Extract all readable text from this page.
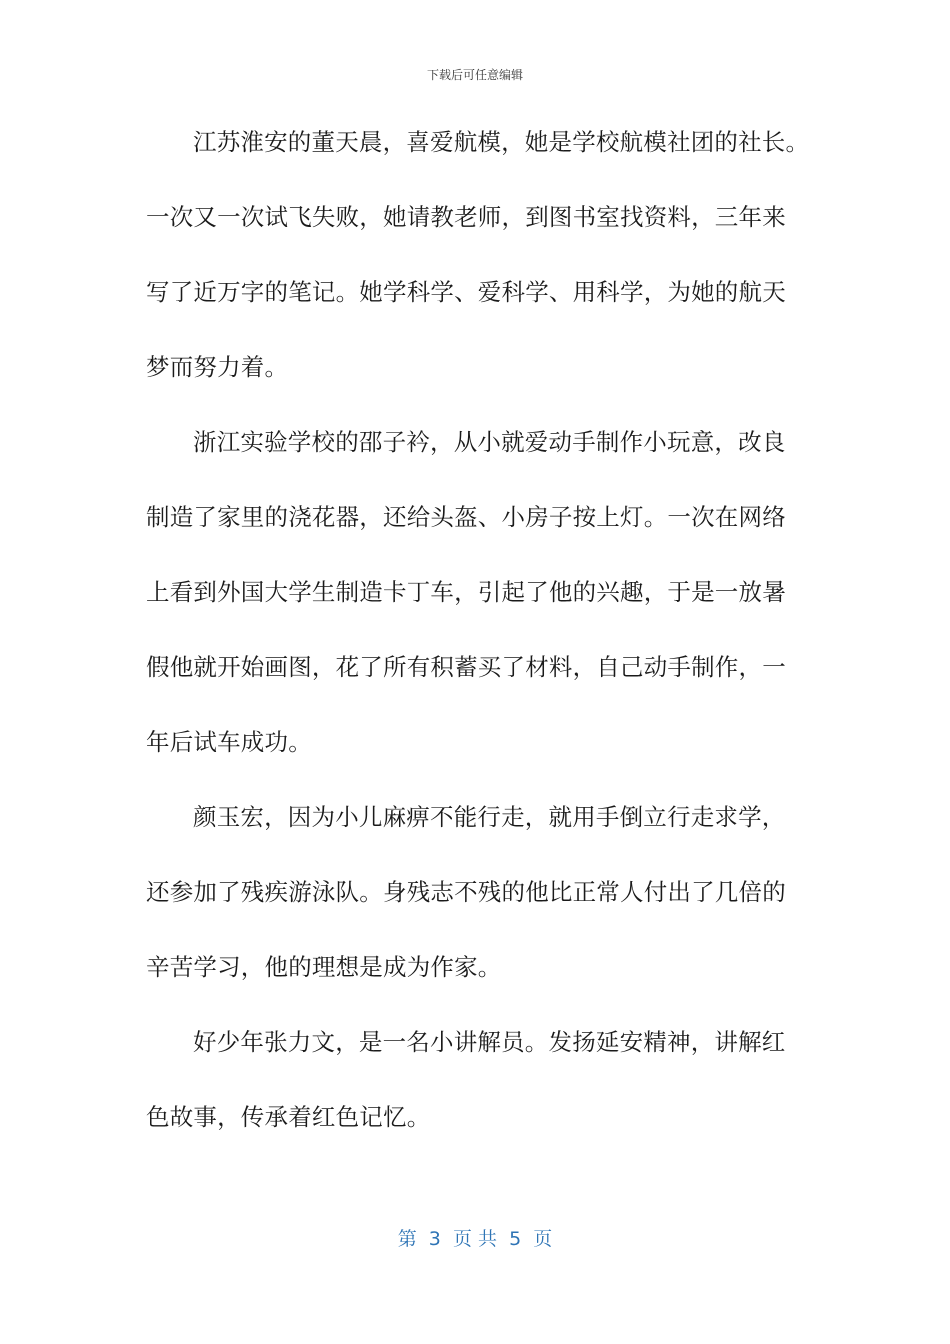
下载后可任意编辑
江苏淮安的董天晨，喜爱航模，她是学校航模社团的社长。
一次又一次试飞失败，她请教老师，到图书室找资料，三年来
写了近万字的笔记。她学科学、爱科学、用科学，为她的航天
梦而努力着。
浙江实验学校的邵子衿，从小就爱动手制作小玩意，改良
制造了家里的浇花器，还给头盔、小房子按上灯。一次在网络
上看到外国大学生制造卡丁车，引起了他的兴趣，于是一放暑
假他就开始画图，花了所有积蓄买了材料，自己动手制作，一
年后试车成功。
颜玉宏，因为小儿麻痹不能行走，就用手倒立行走求学，
还参加了残疾游泳队。身残志不残的他比正常人付出了几倍的
辛苦学习，他的理想是成为作家。
好少年张力文，是一名小讲解员。发扬延安精神，讲解红
色故事，传承着红色记忆。
第  3  页 共  5  页
